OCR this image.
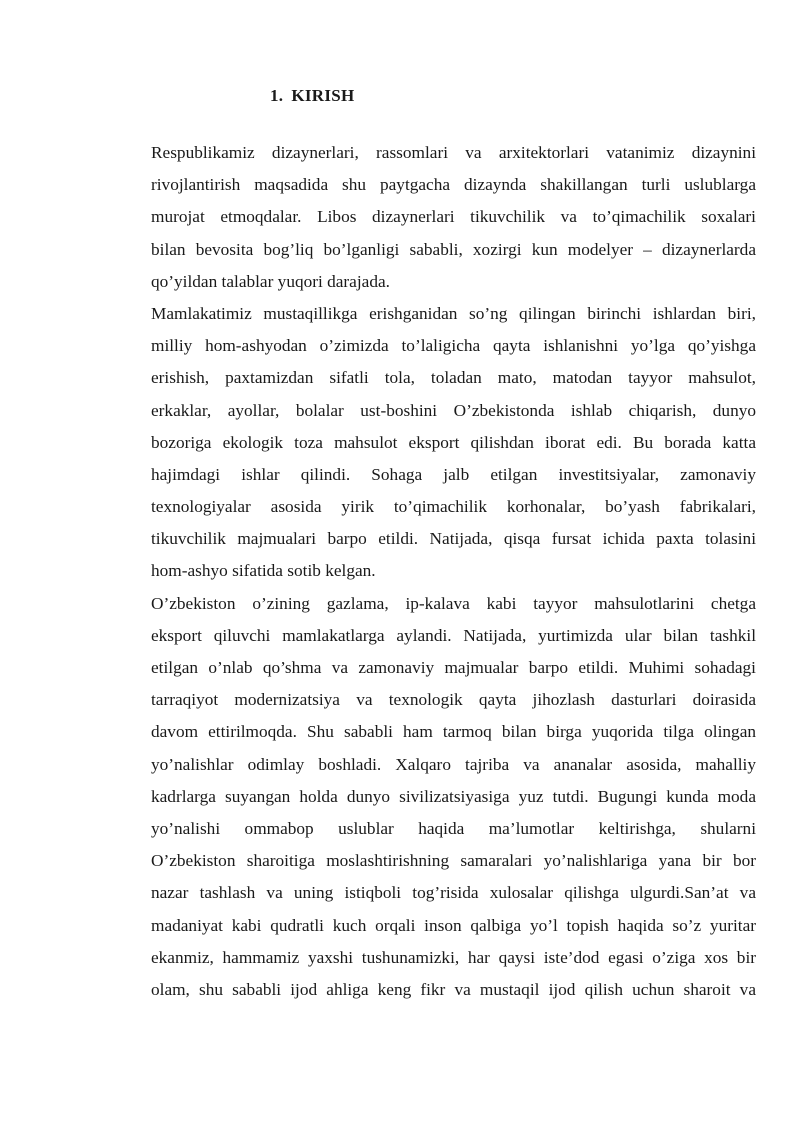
1. KIRISH
Respublikamiz dizaynerlari, rassomlari va arxitektorlari vatanimiz dizaynini
rivojlantirish maqsadida shu paytgacha dizaynda shakillangan turli uslublarga
murojat etmoqdalar. Libos dizaynerlari tikuvchilik va to’qimachilik soxalari
bilan bevosita bog’liq bo’lganligi sababli, xozirgi kun modelyer – dizaynerlarda
qo’yildan talablar yuqori darajada.
Mamlakatimiz mustaqillikga erishganidan so’ng qilingan birinchi ishlardan biri,
milliy hom-ashyodan o’zimizda to’laligicha qayta ishlanishni yo’lga qo’yishga
erishish, paxtamizdan sifatli tola, toladan mato, matodan tayyor mahsulot,
erkaklar, ayollar, bolalar ust-boshini O’zbekistonda ishlab chiqarish, dunyo
bozoriga ekologik toza mahsulot eksport qilishdan iborat edi. Bu borada katta
hajimdagi ishlar qilindi. Sohaga jalb etilgan investitsiyalar, zamonaviy
texnologiyalar asosida yirik to’qimachilik korhonalar, bo’yash fabrikalari,
tikuvchilik majmualari barpo etildi. Natijada, qisqa fursat ichida paxta tolasini
hom-ashyo sifatida sotib kelgan.
O’zbekiston o’zining gazlama, ip-kalava kabi tayyor mahsulotlarini chetga
eksport qiluvchi mamlakatlarga aylandi. Natijada, yurtimizda ular bilan tashkil
etilgan o’nlab qo’shma va zamonaviy majmualar barpo etildi. Muhimi sohadagi
tarraqiyot modernizatsiya va texnologik qayta jihozlash dasturlari doirasida
davom ettirilmoqda. Shu sababli ham tarmoq bilan birga yuqorida tilga olingan
yo’nalishlar odimlay boshladi. Xalqaro tajriba va ananalar asosida, mahalliy
kadrlarga suyangan holda dunyo sivilizatsiyasiga yuz tutdi. Bugungi kunda moda
yo’nalishi ommabop uslublar haqida ma’lumotlar keltirishga, shularni
O’zbekiston sharoitiga moslashtirishning samaralari yo’nalishlariga yana bir bor
nazar tashlash va uning istiqboli tog’risida xulosalar qilishga ulgurdi.San’at va
madaniyat kabi qudratli kuch orqali inson qalbiga yo’l topish haqida so’z yuritar
ekanmiz, hammamiz yaxshi tushunamizki, har qaysi iste’dod egasi o’ziga xos bir
olam, shu sababli ijod ahliga keng fikr va mustaqil ijod qilish uchun sharoit va
